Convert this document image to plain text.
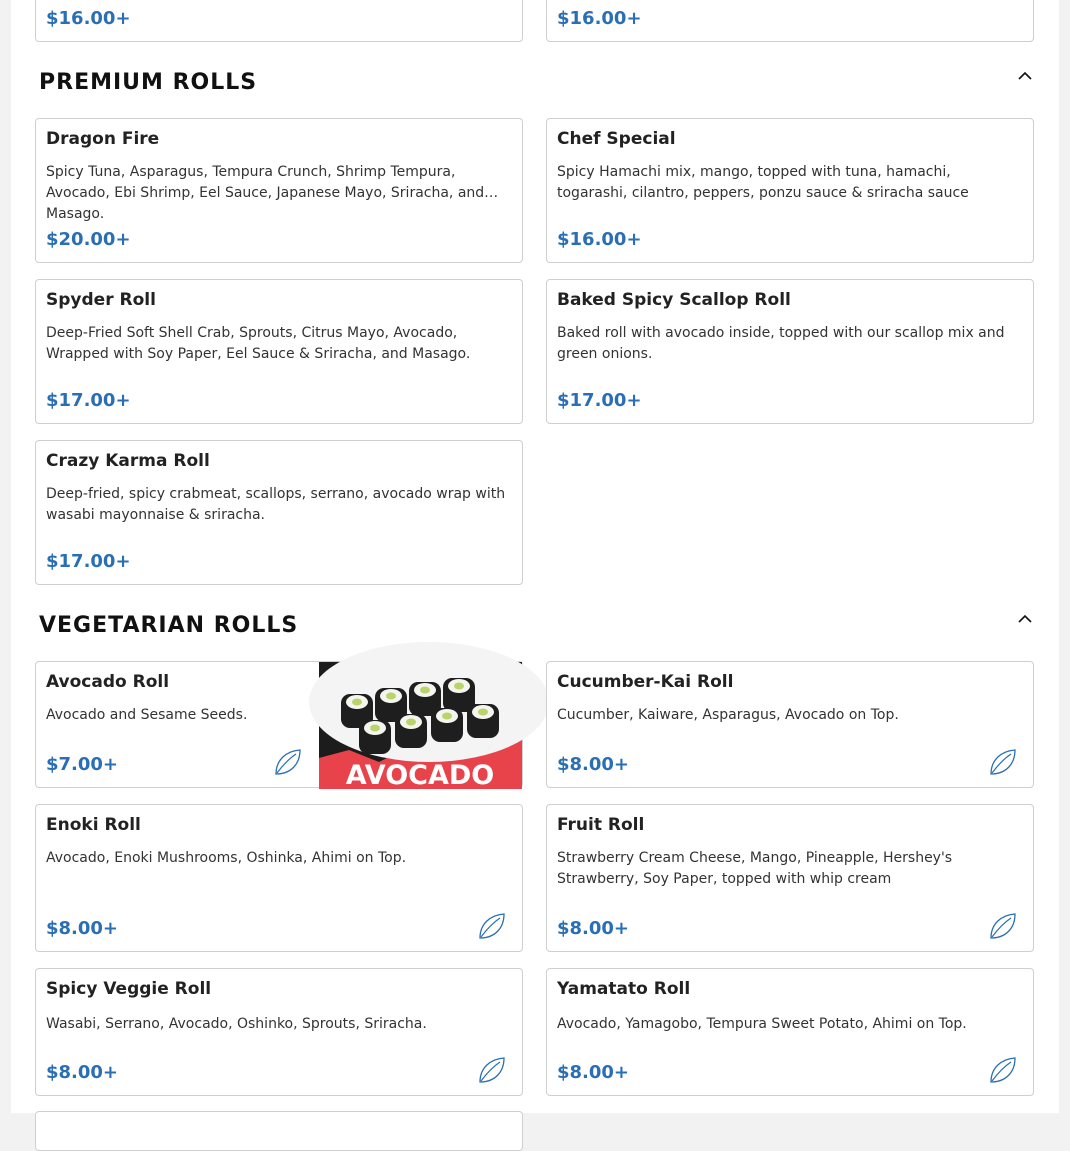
$16.00+	$16.00+
PREMIUM ROLLS
Dragon Fire
Spicy Tuna, Asparagus, Tempura Crunch, Shrimp Tempura, Avocado, Ebi Shrimp, Eel Sauce, Japanese Mayo, Sriracha, and Masago.
$20.00+
Chef Special
Spicy Hamachi mix, mango, topped with tuna, hamachi, togarashi, cilantro, peppers, ponzu sauce & sriracha sauce
$16.00+
Spyder Roll
Deep-Fried Soft Shell Crab, Sprouts, Citrus Mayo, Avocado, Wrapped with Soy Paper, Eel Sauce & Sriracha, and Masago.
$17.00+
Baked Spicy Scallop Roll
Baked roll with avocado inside, topped with our scallop mix and green onions.
$17.00+
Crazy Karma Roll
Deep-fried, spicy crabmeat, scallops, serrano, avocado wrap with wasabi mayonnaise & sriracha.
$17.00+
VEGETARIAN ROLLS
Avocado Roll
Avocado and Sesame Seeds.
$7.00+	AVOCADO
Cucumber-Kai Roll
Cucumber, Kaiware, Asparagus, Avocado on Top.
$8.00+
Enoki Roll
Avocado, Enoki Mushrooms, Oshinka, Ahimi on Top.
$8.00+
Fruit Roll
Strawberry Cream Cheese, Mango, Pineapple, Hershey's Strawberry, Soy Paper, topped with whip cream
$8.00+
Spicy Veggie Roll
Wasabi, Serrano, Avocado, Oshinko, Sprouts, Sriracha.
$8.00+
Yamatato Roll
Avocado, Yamagobo, Tempura Sweet Potato, Ahimi on Top.
$8.00+
